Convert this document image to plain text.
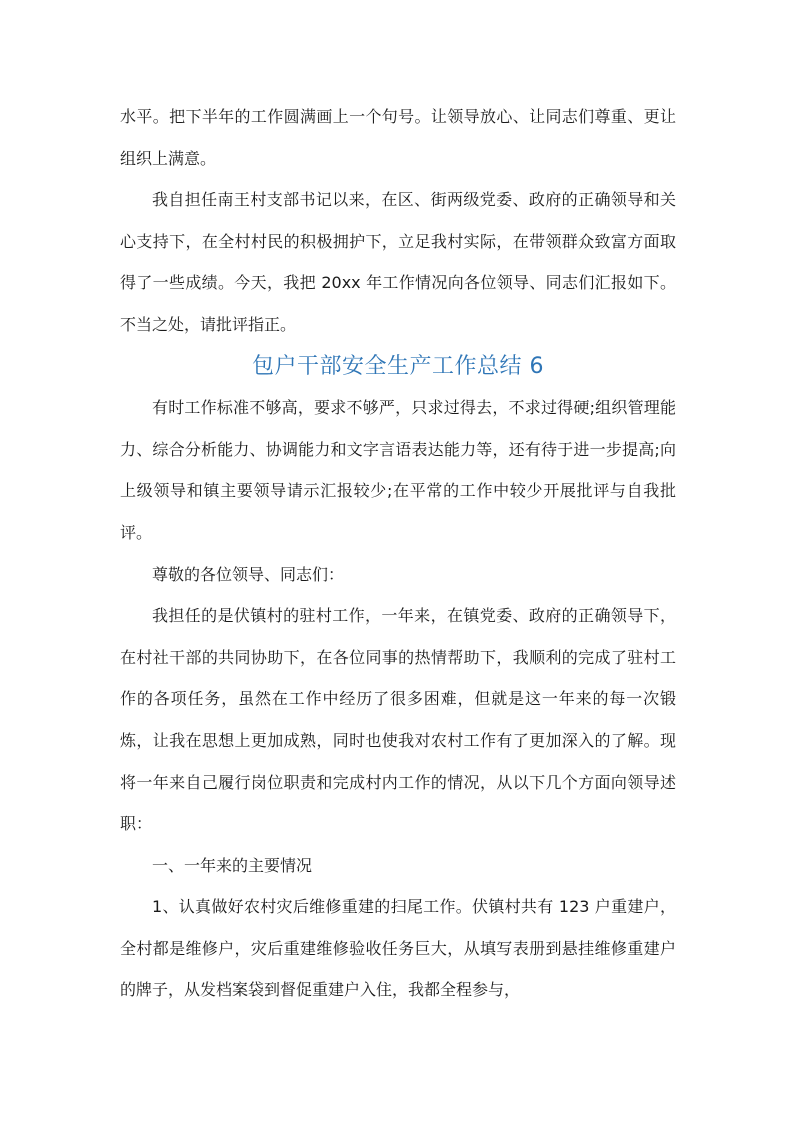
水平。把下半年的工作圆满画上一个句号。让领导放心、让同志们尊重、更让组织上满意。

我自担任南王村支部书记以来，在区、街两级党委、政府的正确领导和关心支持下，在全村村民的积极拥护下，立足我村实际，在带领群众致富方面取得了一些成绩。今天，我把 20xx 年工作情况向各位领导、同志们汇报如下。不当之处，请批评指正。

包户干部安全生产工作总结 6

有时工作标准不够高，要求不够严，只求过得去，不求过得硬;组织管理能力、综合分析能力、协调能力和文字言语表达能力等，还有待于进一步提高;向上级领导和镇主要领导请示汇报较少;在平常的工作中较少开展批评与自我批评。

尊敬的各位领导、同志们：

我担任的是伏镇村的驻村工作，一年来，在镇党委、政府的正确领导下，在村社干部的共同协助下，在各位同事的热情帮助下，我顺利的完成了驻村工作的各项任务，虽然在工作中经历了很多困难，但就是这一年来的每一次锻炼，让我在思想上更加成熟，同时也使我对农村工作有了更加深入的了解。现将一年来自己履行岗位职责和完成村内工作的情况，从以下几个方面向领导述职：

一、一年来的主要情况

1、认真做好农村灾后维修重建的扫尾工作。伏镇村共有 123 户重建户，全村都是维修户，灾后重建维修验收任务巨大，从填写表册到悬挂维修重建户的牌子，从发档案袋到督促重建户入住，我都全程参与，
